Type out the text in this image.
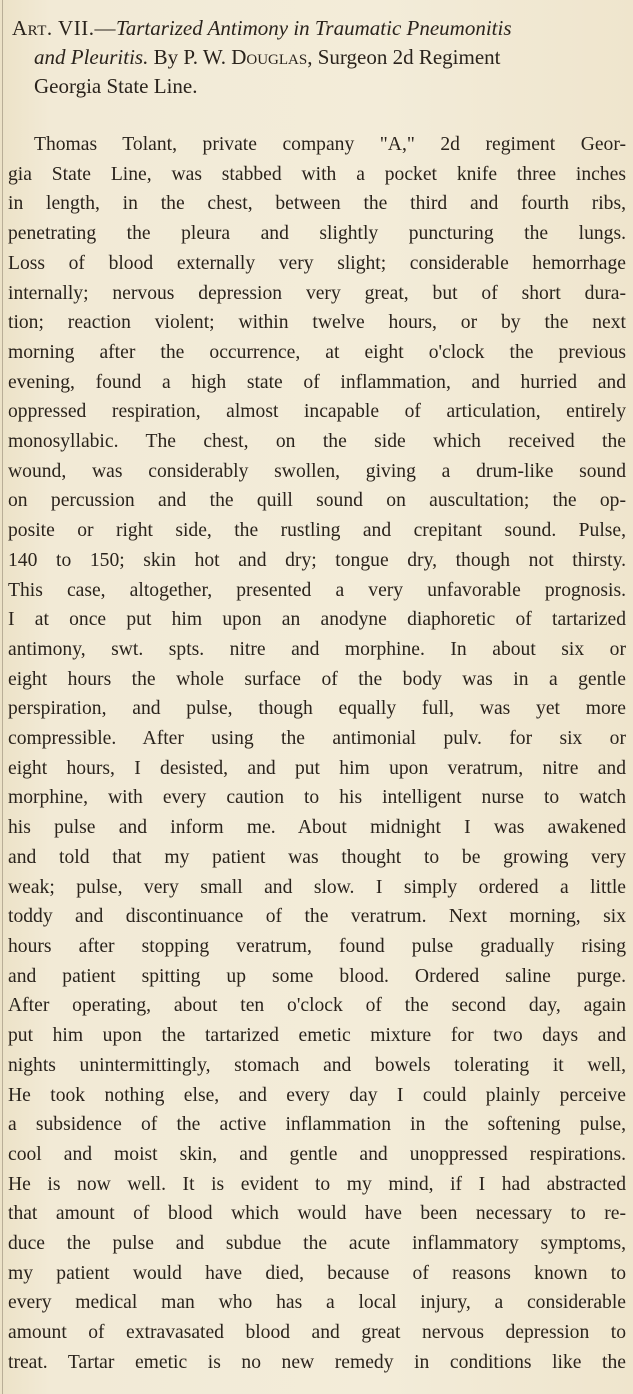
Art. VII.—Tartarized Antimony in Traumatic Pneumonitis
and Pleuritis. By P. W. Douglas, Surgeon 2d Regiment
Georgia State Line.
Thomas Tolant, private company "A," 2d regiment Geor-
gia State Line, was stabbed with a pocket knife three inches
in length, in the chest, between the third and fourth ribs,
penetrating the pleura and slightly puncturing the lungs.
Loss of blood externally very slight; considerable hemorrhage
internally; nervous depression very great, but of short dura-
tion; reaction violent; within twelve hours, or by the next
morning after the occurrence, at eight o'clock the previous
evening, found a high state of inflammation, and hurried and
oppressed respiration, almost incapable of articulation, entirely
monosyllabic. The chest, on the side which received the
wound, was considerably swollen, giving a drum-like sound
on percussion and the quill sound on auscultation; the op-
posite or right side, the rustling and crepitant sound. Pulse,
140 to 150; skin hot and dry; tongue dry, though not thirsty.
This case, altogether, presented a very unfavorable prognosis.
I at once put him upon an anodyne diaphoretic of tartarized
antimony, swt. spts. nitre and morphine. In about six or
eight hours the whole surface of the body was in a gentle
perspiration, and pulse, though equally full, was yet more
compressible. After using the antimonial pulv. for six or
eight hours, I desisted, and put him upon veratrum, nitre and
morphine, with every caution to his intelligent nurse to watch
his pulse and inform me. About midnight I was awakened
and told that my patient was thought to be growing very
weak; pulse, very small and slow. I simply ordered a little
toddy and discontinuance of the veratrum. Next morning, six
hours after stopping veratrum, found pulse gradually rising
and patient spitting up some blood. Ordered saline purge.
After operating, about ten o'clock of the second day, again
put him upon the tartarized emetic mixture for two days and
nights unintermittingly, stomach and bowels tolerating it well,
He took nothing else, and every day I could plainly perceive
a subsidence of the active inflammation in the softening pulse,
cool and moist skin, and gentle and unoppressed respirations.
He is now well. It is evident to my mind, if I had abstracted
that amount of blood which would have been necessary to re-
duce the pulse and subdue the acute inflammatory symptoms,
my patient would have died, because of reasons known to
every medical man who has a local injury, a considerable
amount of extravasated blood and great nervous depression to
treat. Tartar emetic is no new remedy in conditions like the
